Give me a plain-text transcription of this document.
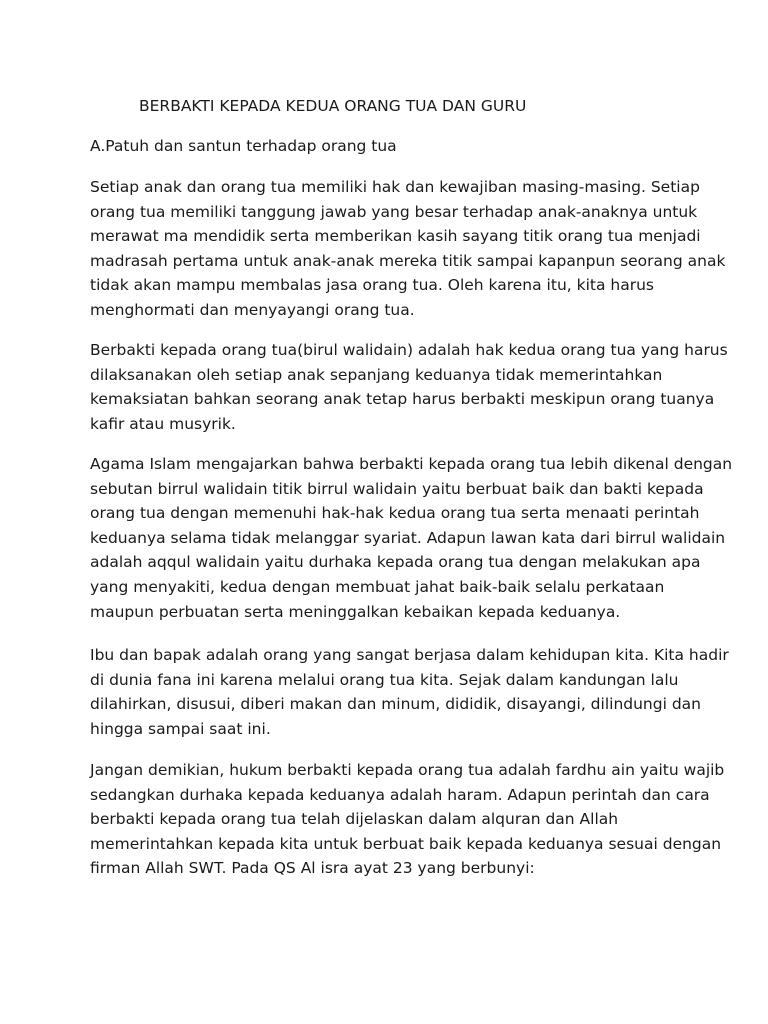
BERBAKTI KEPADA KEDUA ORANG TUA DAN GURU
A.Patuh dan santun terhadap orang tua

Setiap anak dan orang tua memiliki hak dan kewajiban masing-masing. Setiap
orang tua memiliki tanggung jawab yang besar terhadap anak-anaknya untuk
merawat ma mendidik serta memberikan kasih sayang titik orang tua menjadi
madrasah pertama untuk anak-anak mereka titik sampai kapanpun seorang anak
tidak akan mampu membalas jasa orang tua. Oleh karena itu, kita harus
menghormati dan menyayangi orang tua.

Berbakti kepada orang tua(birul walidain) adalah hak kedua orang tua yang harus
dilaksanakan oleh setiap anak sepanjang keduanya tidak memerintahkan
kemaksiatan bahkan seorang anak tetap harus berbakti meskipun orang tuanya
kafir atau musyrik.

Agama Islam mengajarkan bahwa berbakti kepada orang tua lebih dikenal dengan
sebutan birrul walidain titik birrul walidain yaitu berbuat baik dan bakti kepada
orang tua dengan memenuhi hak-hak kedua orang tua serta menaati perintah
keduanya selama tidak melanggar syariat. Adapun lawan kata dari birrul walidain
adalah aqqul walidain yaitu durhaka kepada orang tua dengan melakukan apa
yang menyakiti, kedua dengan membuat jahat baik-baik selalu perkataan
maupun perbuatan serta meninggalkan kebaikan kepada keduanya.

Ibu dan bapak adalah orang yang sangat berjasa dalam kehidupan kita. Kita hadir
di dunia fana ini karena melalui orang tua kita. Sejak dalam kandungan lalu
dilahirkan, disusui, diberi makan dan minum, dididik, disayangi, dilindungi dan
hingga sampai saat ini.

Jangan demikian, hukum berbakti kepada orang tua adalah fardhu ain yaitu wajib
sedangkan durhaka kepada keduanya adalah haram. Adapun perintah dan cara
berbakti kepada orang tua telah dijelaskan dalam alquran dan Allah
memerintahkan kepada kita untuk berbuat baik kepada keduanya sesuai dengan
firman Allah SWT. Pada QS Al isra ayat 23 yang berbunyi:
